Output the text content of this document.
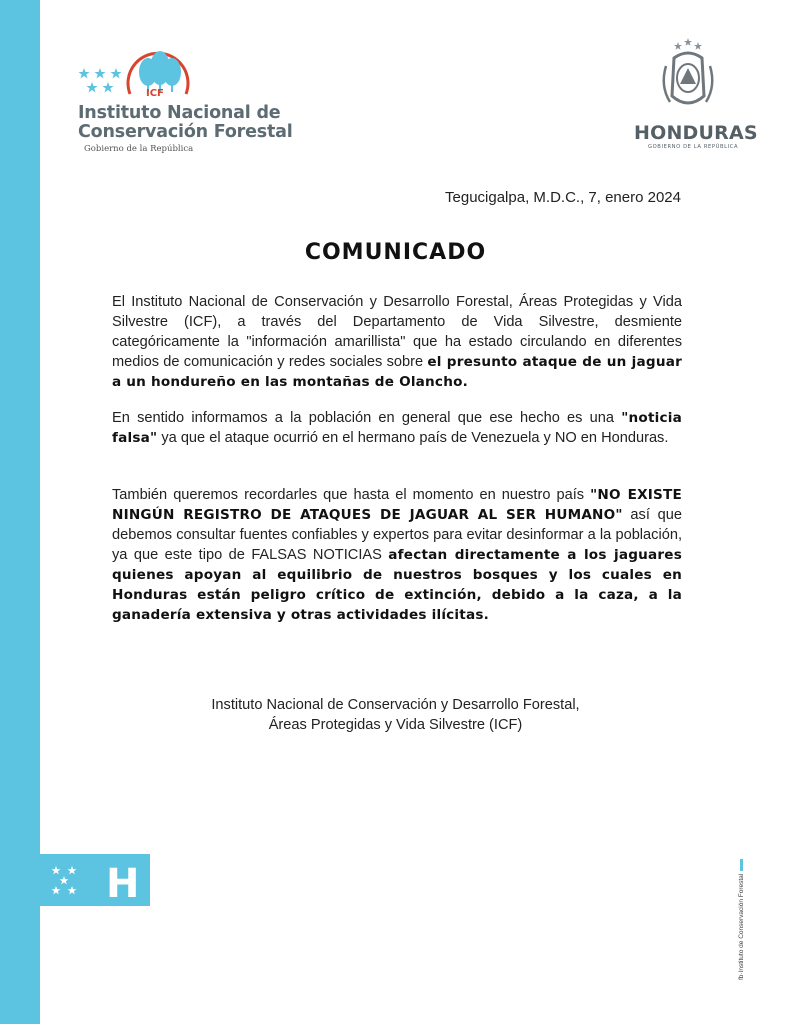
ICF
Instituto Nacional de
Conservación Forestal
Gobierno de la República
HONDURAS
GOBIERNO DE LA REPÚBLICA
Tegucigalpa, M.D.C., 7, enero 2024
COMUNICADO

El Instituto Nacional de Conservación y Desarrollo Forestal, Áreas Protegidas y Vida Silvestre (ICF), a través del Departamento de Vida Silvestre, desmiente categóricamente la "información amarillista" que ha estado circulando en diferentes medios de comunicación y redes sociales sobre el presunto ataque de un jaguar a un hondureño en las montañas de Olancho.

En sentido informamos a la población en general que ese hecho es una "noticia falsa" ya que el ataque ocurrió en el hermano país de Venezuela y NO en Honduras.

También queremos recordarles que hasta el momento en nuestro país "NO EXISTE NINGÚN REGISTRO DE ATAQUES DE JAGUAR AL SER HUMANO" así que debemos consultar fuentes confiables y expertos para evitar desinformar a la población, ya que este tipo de FALSAS NOTICIAS afectan directamente a los jaguares quienes apoyan al equilibrio de nuestros bosques y los cuales en Honduras están peligro crítico de extinción, debido a la caza, a la ganadería extensiva y otras actividades ilícitas.

Instituto Nacional de Conservación y Desarrollo Forestal,
Áreas Protegidas y Vida Silvestre (ICF)
H	fb·Instituto de Conservación Forestal
